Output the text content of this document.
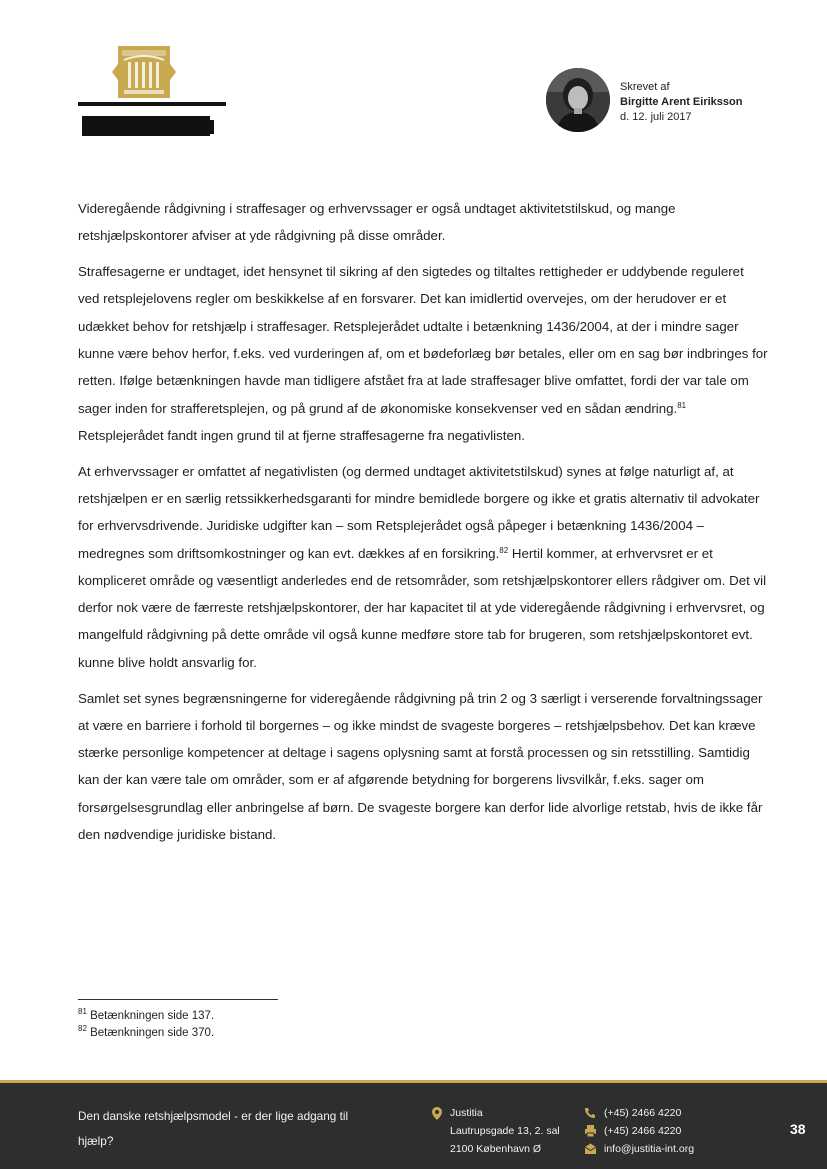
Skrevet af
Birgitte Arent Eiriksson
d. 12. juli 2017

Videregående rådgivning i straffesager og erhvervssager er også undtaget aktivitetstilskud, og mange retshjælpskontorer afviser at yde rådgivning på disse områder.

Straffesagerne er undtaget, idet hensynet til sikring af den sigtedes og tiltaltes rettigheder er uddybende reguleret ved retsplejelovens regler om beskikkelse af en forsvarer. Det kan imidlertid overvejes, om der herudover er et udækket behov for retshjælp i straffesager. Retsplejerådet udtalte i betænkning 1436/2004, at der i mindre sager kunne være behov herfor, f.eks. ved vurderingen af, om et bødeforlæg bør betales, eller om en sag bør indbringes for retten. Ifølge betænkningen havde man tidligere afstået fra at lade straffesager blive omfattet, fordi der var tale om sager inden for strafferetsplejen, og på grund af de økonomiske konsekvenser ved en sådan ændring.$^{81}$ Retsplejerådet fandt ingen grund til at fjerne straffesagerne fra negativlisten.

At erhvervssager er omfattet af negativlisten (og dermed undtaget aktivitetstilskud) synes at følge naturligt af, at retshjælpen er en særlig retssikkerhedsgaranti for mindre bemidlede borgere og ikke et gratis alternativ til advokater for erhvervsdrivende. Juridiske udgifter kan – som Retsplejerådet også påpeger i betænkning 1436/2004 – medregnes som driftsomkostninger og kan evt. dækkes af en forsikring.$^{82}$ Hertil kommer, at erhvervsret er et kompliceret område og væsentligt anderledes end de retsområder, som retshjælpskontorer ellers rådgiver om. Det vil derfor nok være de færreste retshjælpskontorer, der har kapacitet til at yde videregående rådgivning i erhvervsret, og mangelfuld rådgivning på dette område vil også kunne medføre store tab for brugeren, som retshjælpskontoret evt. kunne blive holdt ansvarlig for.

Samlet set synes begrænsningerne for videregående rådgivning på trin 2 og 3 særligt i verserende forvaltningssager at være en barriere i forhold til borgernes – og ikke mindst de svageste borgeres – retshjælpsbehov. Det kan kræve stærke personlige kompetencer at deltage i sagens oplysning samt at forstå processen og sin retsstilling. Samtidig kan der kan være tale om områder, som er af afgørende betydning for borgerens livsvilkår, f.eks. sager om forsørgelsesgrundlag eller anbringelse af børn. De svageste borgere kan derfor lide alvorlige retstab, hvis de ikke får den nødvendige juridiske bistand.

$^{81}$ Betænkningen side 137.
$^{82}$ Betænkningen side 370.
Den danske retshjælpsmodel - er der lige adgang til hjælp?
Justitia
Lautrupsgade 13, 2. sal
2100 København Ø
(+45) 2466 4220
(+45) 2466 4220
info@justitia-int.org
38
